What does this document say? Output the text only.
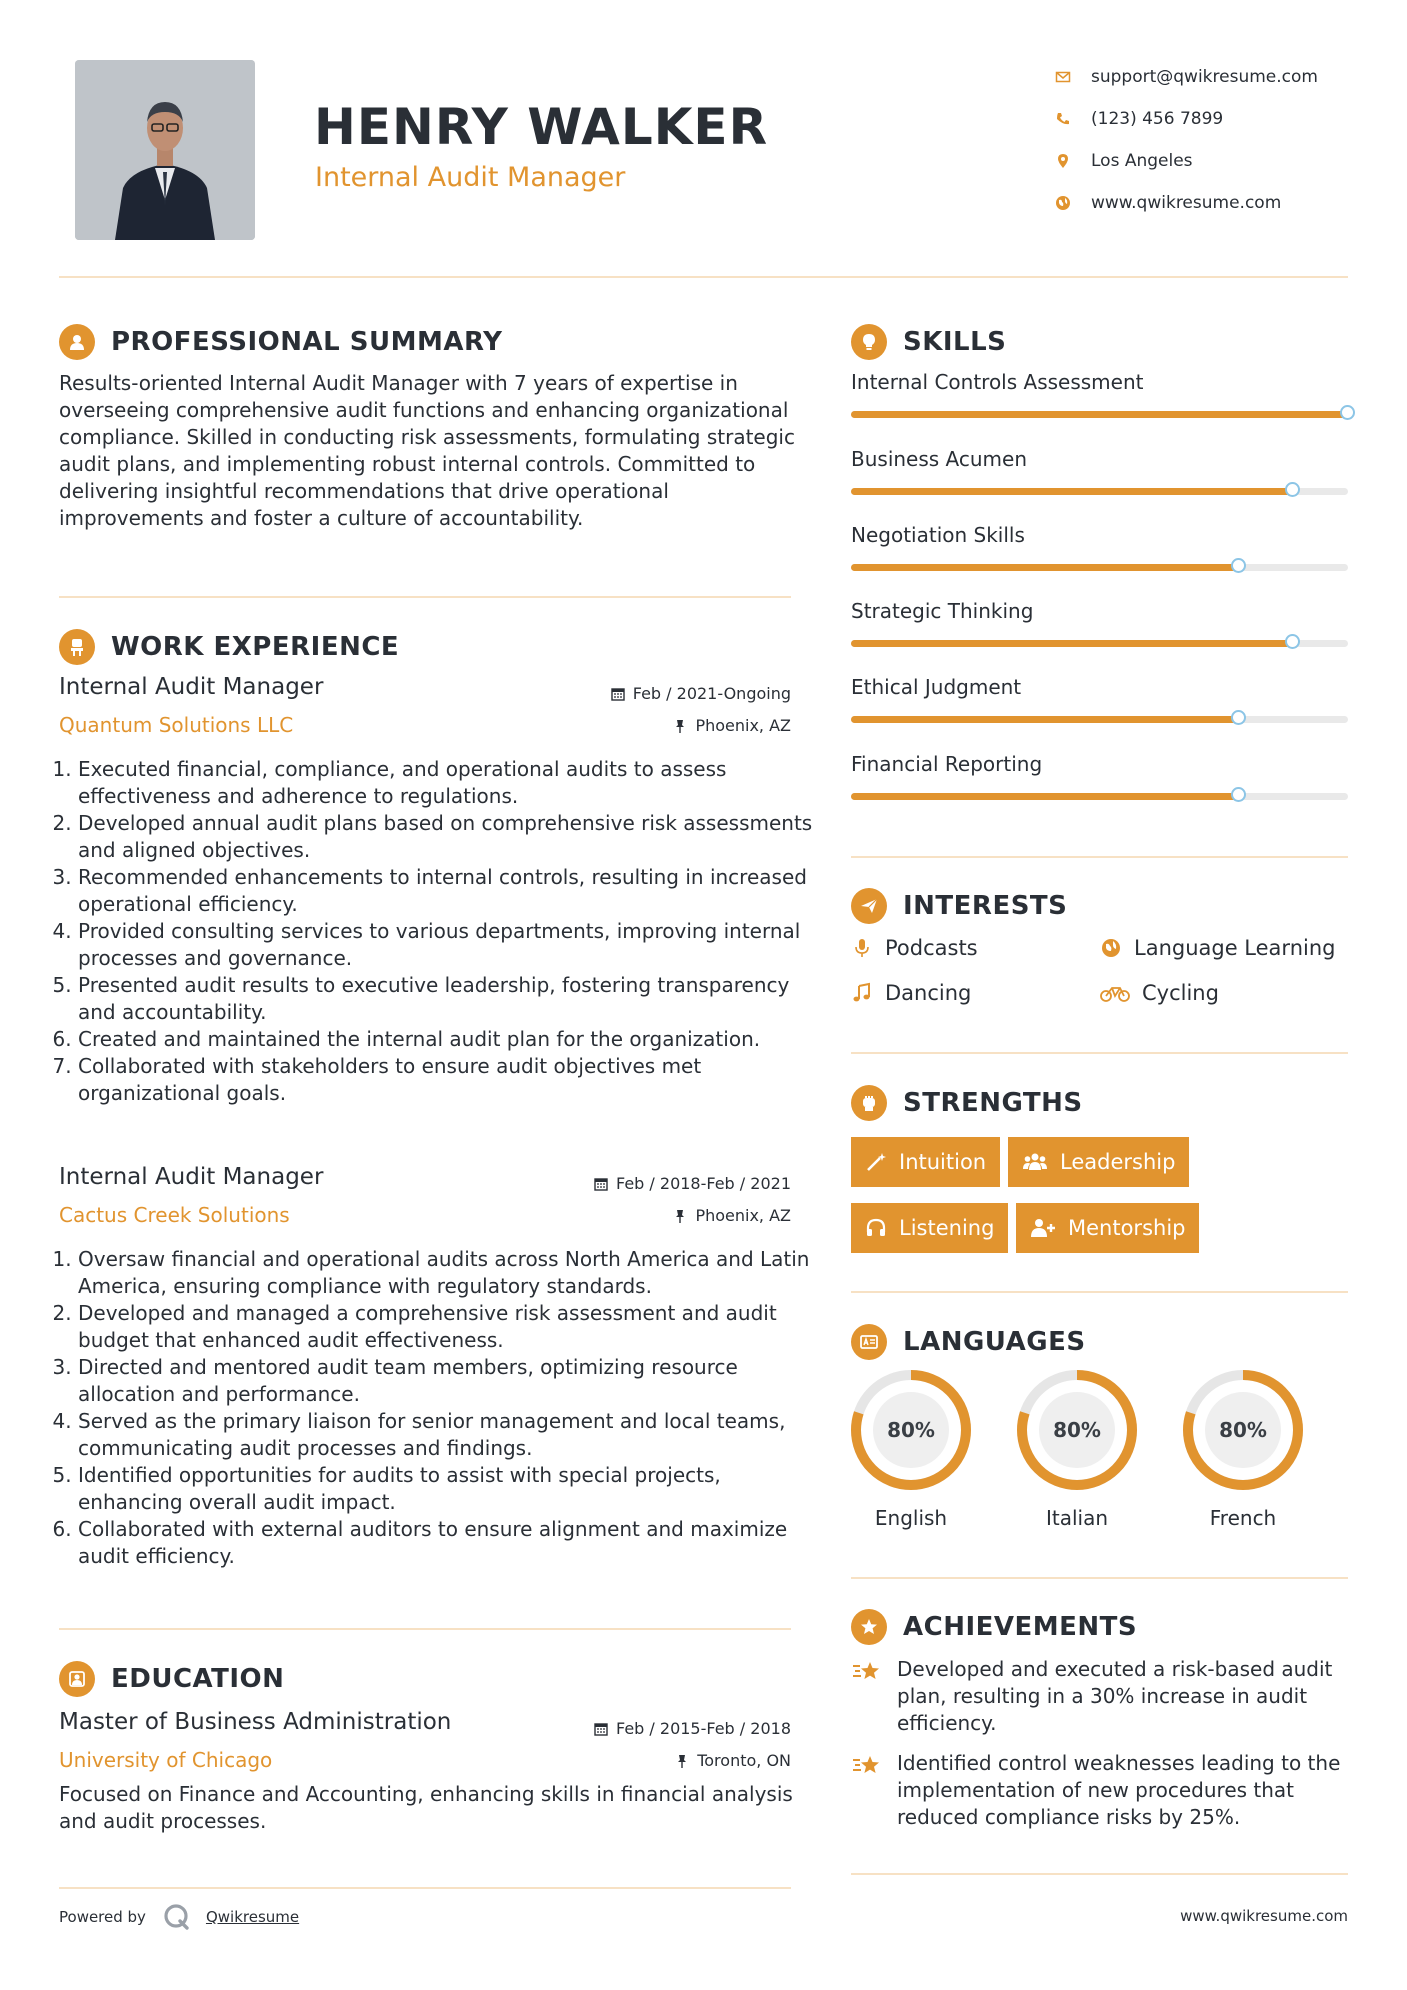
HENRY WALKER
Internal Audit Manager
support@qwikresume.com
(123) 456 7899
Los Angeles
www.qwikresume.com
PROFESSIONAL SUMMARY
Results-oriented Internal Audit Manager with 7 years of expertise in overseeing comprehensive audit functions and enhancing organizational compliance. Skilled in conducting risk assessments, formulating strategic audit plans, and implementing robust internal controls. Committed to delivering insightful recommendations that drive operational improvements and foster a culture of accountability.
WORK EXPERIENCE
Internal Audit Manager	Feb / 2021-Ongoing
Quantum Solutions LLC	Phoenix, AZ
1. Executed financial, compliance, and operational audits to assess effectiveness and adherence to regulations.
2. Developed annual audit plans based on comprehensive risk assessments and aligned objectives.
3. Recommended enhancements to internal controls, resulting in increased operational efficiency.
4. Provided consulting services to various departments, improving internal processes and governance.
5. Presented audit results to executive leadership, fostering transparency and accountability.
6. Created and maintained the internal audit plan for the organization.
7. Collaborated with stakeholders to ensure audit objectives met organizational goals.
Internal Audit Manager	Feb / 2018-Feb / 2021
Cactus Creek Solutions	Phoenix, AZ
1. Oversaw financial and operational audits across North America and Latin America, ensuring compliance with regulatory standards.
2. Developed and managed a comprehensive risk assessment and audit budget that enhanced audit effectiveness.
3. Directed and mentored audit team members, optimizing resource allocation and performance.
4. Served as the primary liaison for senior management and local teams, communicating audit processes and findings.
5. Identified opportunities for audits to assist with special projects, enhancing overall audit impact.
6. Collaborated with external auditors to ensure alignment and maximize audit efficiency.
EDUCATION
Master of Business Administration	Feb / 2015-Feb / 2018
University of Chicago	Toronto, ON
Focused on Finance and Accounting, enhancing skills in financial analysis and audit processes.
SKILLS
Internal Controls Assessment
Business Acumen
Negotiation Skills
Strategic Thinking
Ethical Judgment
Financial Reporting
INTERESTS
Podcasts	Language Learning
Dancing	Cycling
STRENGTHS
Intuition	Leadership
Listening	Mentorship
LANGUAGES
80%
English
80%
Italian
80%
French
ACHIEVEMENTS
Developed and executed a risk-based audit plan, resulting in a 30% increase in audit efficiency.
Identified control weaknesses leading to the implementation of new procedures that reduced compliance risks by 25%.
Powered by	Qwikresume	www.qwikresume.com
